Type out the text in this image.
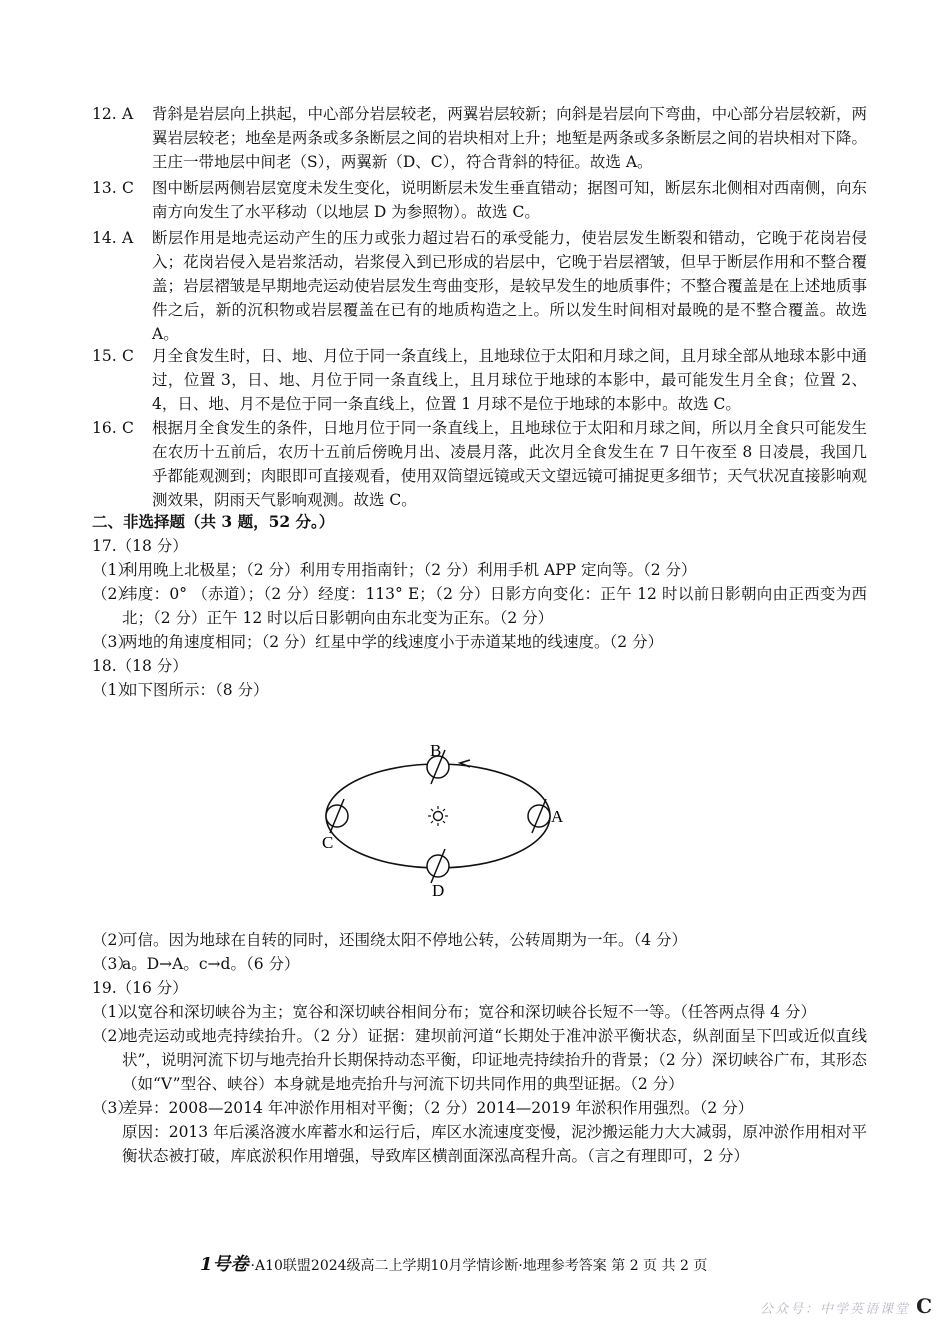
12. A	背斜是岩层向上拱起，中心部分岩层较老，两翼岩层较新；向斜是岩层向下弯曲，中心部分岩层较新，两翼岩层较老；地垒是两条或多条断层之间的岩块相对上升；地堑是两条或多条断层之间的岩块相对下降。王庄一带地层中间老（S），两翼新（D、C），符合背斜的特征。故选 A。
13. C 图中断层两侧岩层宽度未发生变化，说明断层未发生垂直错动；据图可知，断层东北侧相对西南侧，向东南方向发生了水平移动（以地层 D 为参照物）。故选 C。
14. A	断层作用是地壳运动产生的压力或张力超过岩石的承受能力，使岩层发生断裂和错动，它晚于花岗岩侵入；花岗岩侵入是岩浆活动，岩浆侵入到已形成的岩层中，它晚于岩层褶皱，但早于断层作用和不整合覆盖；岩层褶皱是早期地壳运动使岩层发生弯曲变形，是较早发生的地质事件；不整合覆盖是在上述地质事件之后，新的沉积物或岩层覆盖在已有的地质构造之上。所以发生时间相对最晚的是不整合覆盖。故选 A。
15. C 月全食发生时，日、地、月位于同一条直线上，且地球位于太阳和月球之间，且月球全部从地球本影中通过，位置 3，日、地、月位于同一条直线上，且月球位于地球的本影中，最可能发生月全食；位置 2、4，日、地、月不是位于同一条直线上，位置 1 月球不是位于地球的本影中。故选 C。
16. C 根据月全食发生的条件，日地月位于同一条直线上，且地球位于太阳和月球之间，所以月全食只可能发生在农历十五前后，农历十五前后傍晚月出、凌晨月落，此次月全食发生在 7 日午夜至 8 日凌晨，我国几乎都能观测到；肉眼即可直接观看，使用双筒望远镜或天文望远镜可捕捉更多细节；天气状况直接影响观测效果，阴雨天气影响观测。故选 C。
二、非选择题（共 3 题，52 分。）
17.（18 分）
（1）
利用晚上北极星；（2 分）利用专用指南针；（2 分）利用手机 APP 定向等。（2 分）
（2）
纬度：0° （赤道）；（2 分）经度：113° E；（2 分）日影方向变化：正午 12 时以前日影朝向由正西变为西北；（2 分）正午 12 时以后日影朝向由东北变为正东。（2 分）
（3）
两地的角速度相同；（2 分）红星中学的线速度小于赤道某地的线速度。（2 分）
18.（18 分）
（1）
如下图所示：（8 分）
B
A
C
D
（2）
可信。因为地球在自转的同时，还围绕太阳不停地公转，公转周期为一年。（4 分）
（3）
a。D→A。c→d。（6 分）
19.（16 分）
（1）
以宽谷和深切峡谷为主；宽谷和深切峡谷相间分布；宽谷和深切峡谷长短不一等。（任答两点得 4 分）
（2）
地壳运动或地壳持续抬升。（2 分）证据：建坝前河道“长期处于准冲淤平衡状态，纵剖面呈下凹或近似直线状”，说明河流下切与地壳抬升长期保持动态平衡，印证地壳持续抬升的背景；（2 分）深切峡谷广布，其形态（如“V”型谷、峡谷）本身就是地壳抬升与河流下切共同作用的典型证据。（2 分）
（3）
差异：2008—2014 年冲淤作用相对平衡；（2 分）2014—2019 年淤积作用强烈。（2 分）
原因：2013 年后溪洛渡水库蓄水和运行后，库区水流速度变慢，泥沙搬运能力大大减弱，原冲淤作用相对平衡状态被打破，库底淤积作用增强，导致库区横剖面深泓高程升高。（言之有理即可，2 分）
1号卷 ·A10联盟2024级高二上学期10月学情诊断·地理参考答案 第 2 页 共 2 页
公众号：中学英语课堂 C
